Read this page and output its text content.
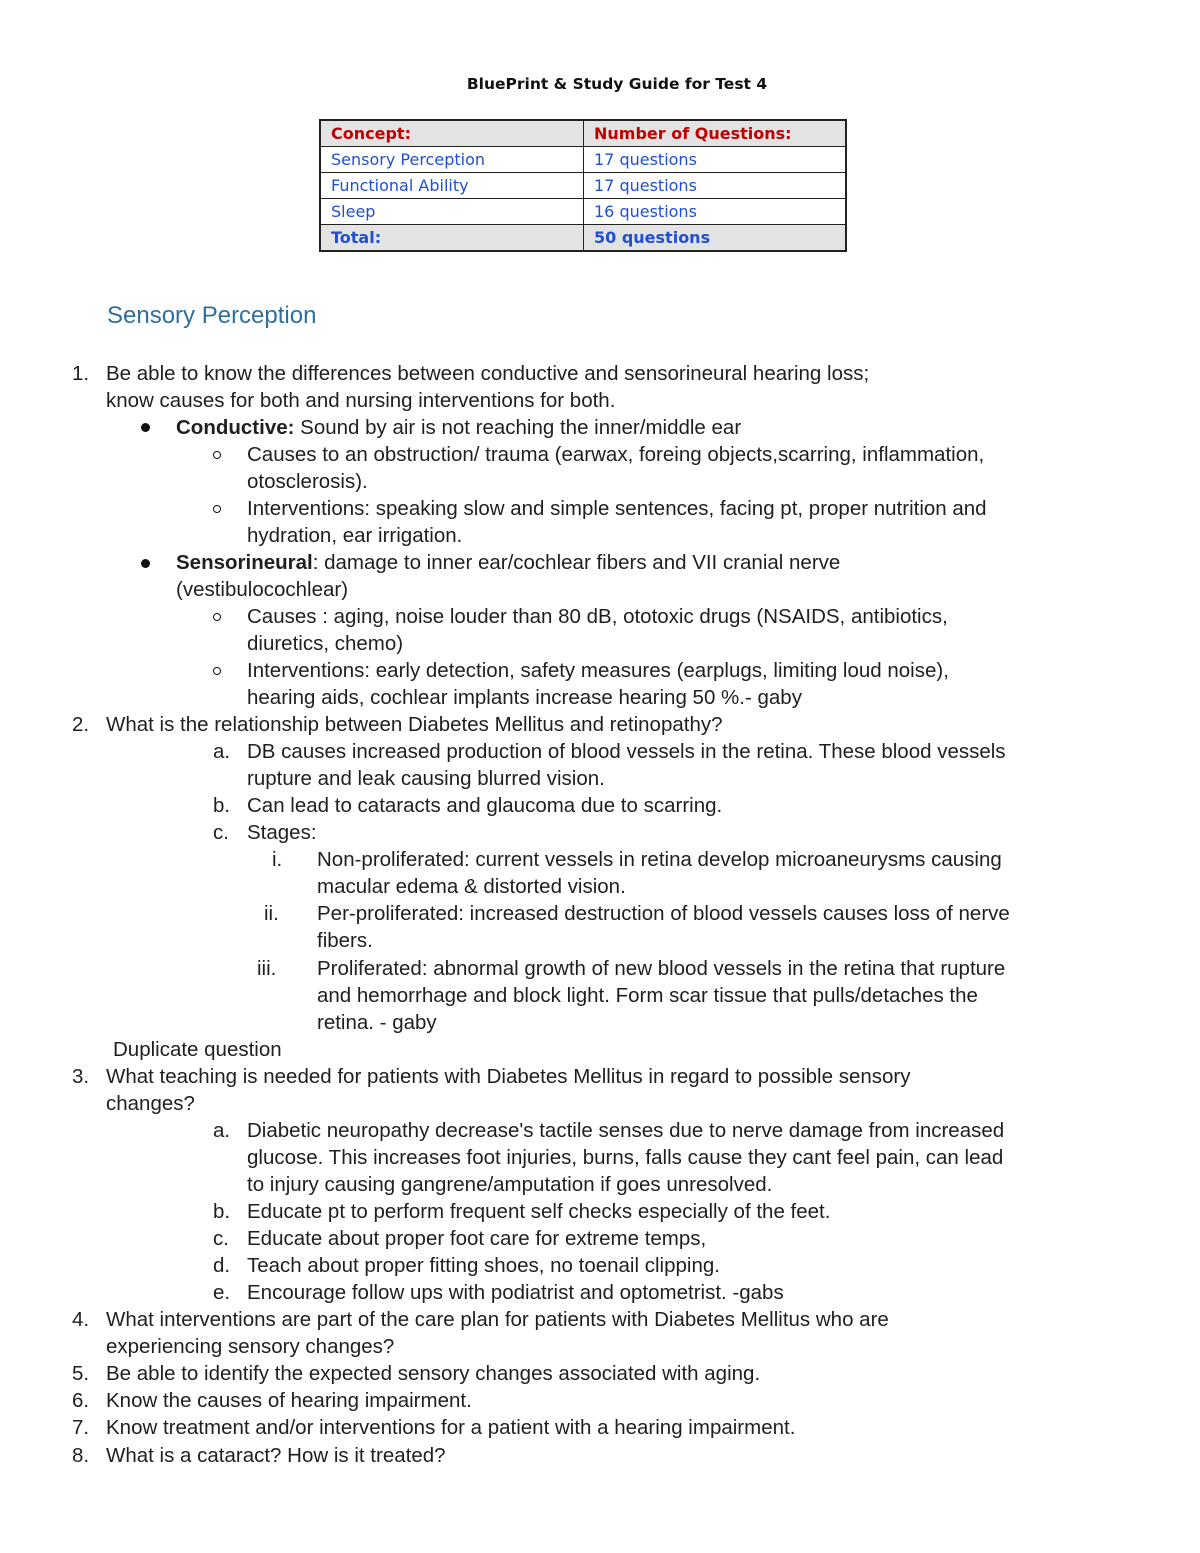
BluePrint & Study Guide for Test 4
Concept:	Number of Questions:
Sensory Perception	17 questions
Functional Ability	17 questions
Sleep	16 questions
Total:	50 questions
Sensory Perception
1. Be able to know the differences between conductive and sensorineural hearing loss;
know causes for both and nursing interventions for both.
Conductive: Sound by air is not reaching the inner/middle ear
Causes to an obstruction/ trauma (earwax, foreing objects,scarring, inflammation,
otosclerosis).
Interventions: speaking slow and simple sentences, facing pt, proper nutrition and
hydration, ear irrigation.
Sensorineural: damage to inner ear/cochlear fibers and VII cranial nerve
(vestibulocochlear)
Causes : aging, noise louder than 80 dB, ototoxic drugs (NSAIDS, antibiotics,
diuretics, chemo)
Interventions: early detection, safety measures (earplugs, limiting loud noise),
hearing aids, cochlear implants increase hearing 50 %.- gaby
2. What is the relationship between Diabetes Mellitus and retinopathy?
a. DB causes increased production of blood vessels in the retina. These blood vessels
rupture and leak causing blurred vision.
b. Can lead to cataracts and glaucoma due to scarring.
c. Stages:
i. Non-proliferated: current vessels in retina develop microaneurysms causing
macular edema & distorted vision.
ii. Per-proliferated: increased destruction of blood vessels causes loss of nerve
fibers.
iii. Proliferated: abnormal growth of new blood vessels in the retina that rupture
and hemorrhage and block light. Form scar tissue that pulls/detaches the
retina. - gaby
Duplicate question
3. What teaching is needed for patients with Diabetes Mellitus in regard to possible sensory
changes?
a. Diabetic neuropathy decrease's tactile senses due to nerve damage from increased
glucose. This increases foot injuries, burns, falls cause they cant feel pain, can lead
to injury causing gangrene/amputation if goes unresolved.
b. Educate pt to perform frequent self checks especially of the feet.
c. Educate about proper foot care for extreme temps,
d. Teach about proper fitting shoes, no toenail clipping.
e. Encourage follow ups with podiatrist and optometrist. -gabs
4. What interventions are part of the care plan for patients with Diabetes Mellitus who are
experiencing sensory changes?
5. Be able to identify the expected sensory changes associated with aging.
6. Know the causes of hearing impairment.
7. Know treatment and/or interventions for a patient with a hearing impairment.
8. What is a cataract? How is it treated?
